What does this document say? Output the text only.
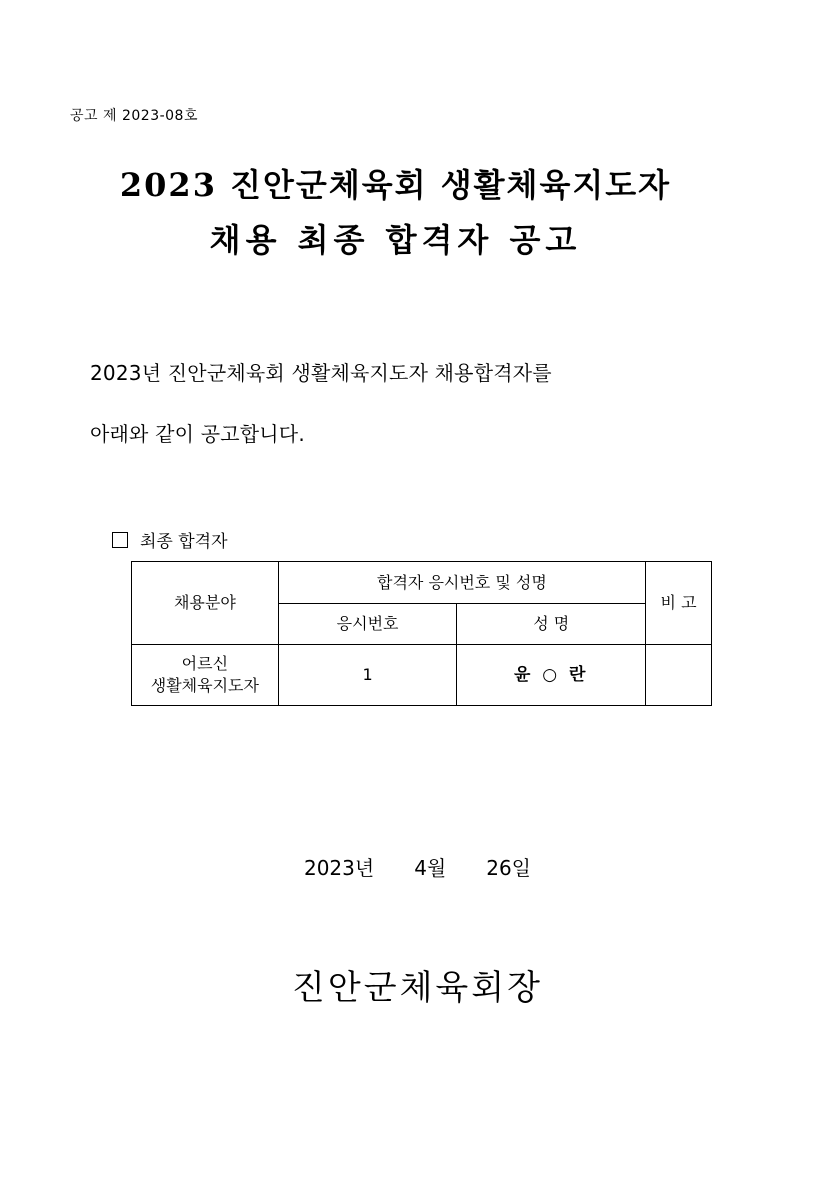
공고 제 2023-08호
2023 진안군체육회 생활체육지도자
채용 최종 합격자 공고
2023년 진안군체육회 생활체육지도자 채용합격자를
아래와 같이 공고합니다.
최종 합격자
채용분야	합격자 응시번호 및 성명		비 고
	응시번호	성 명	

어르신
생활체육지도자	1	윤 ○ 란	
2023년 4월 26일
진안군체육회장
